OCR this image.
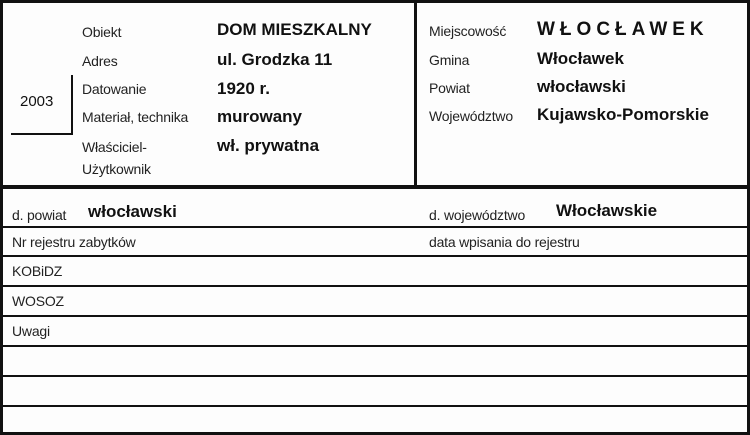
2003
Obiekt
Adres
Datowanie
Materiał, technika
Właściciel-
Użytkownik
DOM MIESZKALNY
ul. Grodzka 11
1920 r.
murowany
wł. prywatna
Miejscowość
Gmina
Powiat
Województwo
WŁOCŁAWEK
Włocławek
włocławski
Kujawsko-Pomorskie
d. powiat włocławski	d. województwo Włocławskie
Nr rejestru zabytków	data wpisania do rejestru
KOBiDZ
WOSOZ
Uwagi
